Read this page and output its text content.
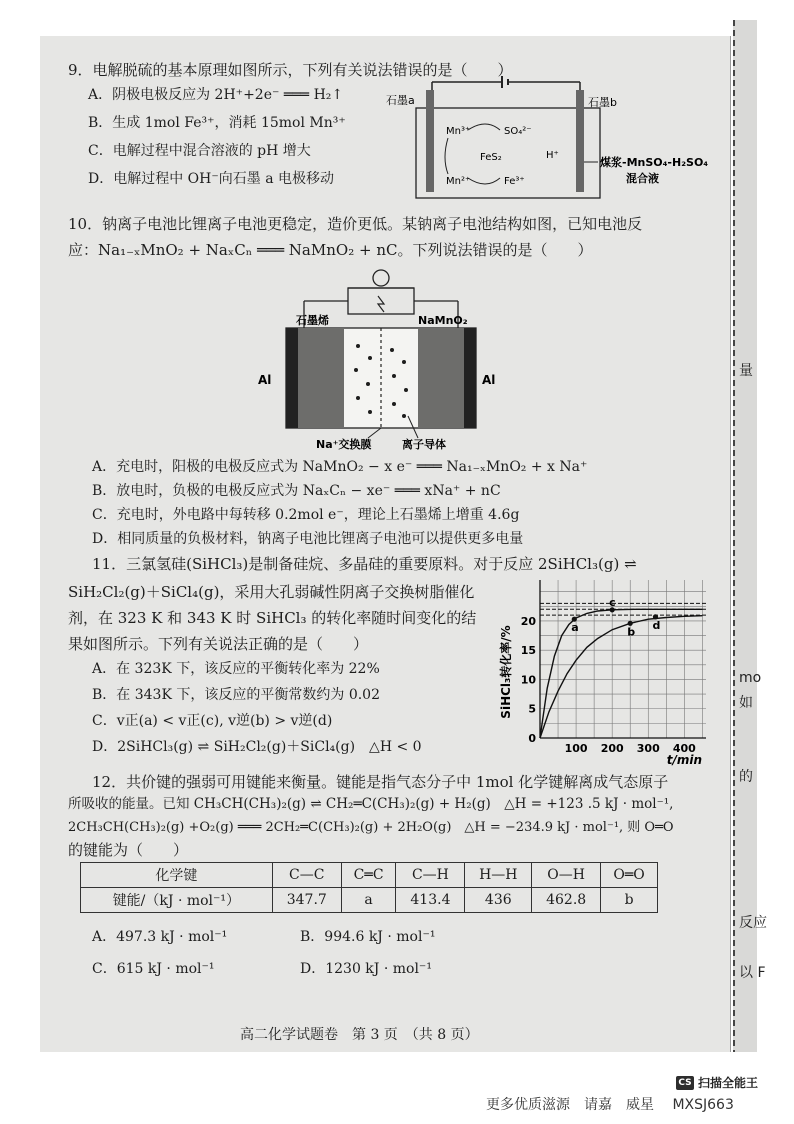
9．电解脱硫的基本原理如图所示，下列有关说法错误的是（　　）
A．阴极电极反应为 2H⁺+2e⁻ ═══ H₂↑
B．生成 1mol Fe³⁺，消耗 15mol Mn³⁺
C．电解过程中混合溶液的 pH 增大
D．电解过程中 OH⁻向石墨 a 电极移动
石墨a	石墨b
Mn³⁺
Mn²⁺
FeS₂
SO₄²⁻
Fe³⁺
H⁺
煤浆-MnSO₄-H₂SO₄
混合液
10．钠离子电池比锂离子电池更稳定，造价更低。某钠离子电池结构如图，已知电池反
应：Na₁₋ₓMnO₂ + NaₓCₙ ═══ NaMnO₂ + nC。下列说法错误的是（　　）
Al	Al
石墨烯	NaMnO₂
Na⁺交换膜	离子导体
A．充电时，阳极的电极反应式为 NaMnO₂ − x e⁻ ═══ Na₁₋ₓMnO₂ + x Na⁺
B．放电时，负极的电极反应式为 NaₓCₙ − xe⁻ ═══ xNa⁺ + nC
C．充电时，外电路中每转移 0.2mol e⁻，理论上石墨烯上增重 4.6g
D．相同质量的负极材料，钠离子电池比锂离子电池可以提供更多电量
11．三氯氢硅(SiHCl₃)是制备硅烷、多晶硅的重要原料。对于反应 2SiHCl₃(g) ⇌
SiH₂Cl₂(g)＋SiCl₄(g)，采用大孔弱碱性阴离子交换树脂催化
剂，在 323 K 和 343 K 时 SiHCl₃ 的转化率随时间变化的结
果如图所示。下列有关说法正确的是（　　）
A．在 323K 下，该反应的平衡转化率为 22%
B．在 343K 下，该反应的平衡常数约为 0.02
C．v正(a) < v正(c), v逆(b) > v逆(d)
D．2SiHCl₃(g) ⇌ SiH₂Cl₂(g)＋SiCl₄(g)　△H < 0	100 200 300 400
0
5
10
15
20	a	b
c
d
SiHCl₃转化率/%
t/min
12．共价键的强弱可用键能来衡量。键能是指气态分子中 1mol 化学键解离成气态原子
所吸收的能量。已知 CH₃CH(CH₃)₂(g) ⇌ CH₂═C(CH₃)₂(g) + H₂(g)　△H = +123 .5 kJ · mol⁻¹,
2CH₃CH(CH₃)₂(g) +O₂(g) ═══ 2CH₂═C(CH₃)₂(g) + 2H₂O(g)　△H = −234.9 kJ · mol⁻¹, 则 O═O
的键能为（　　）
化学键	C—C	C═C	C—H	H—H	O—H	O═O
键能/（kJ · mol⁻¹）	347.7	a	413.4	436	462.8	b
A．497.3 kJ · mol⁻¹	B．994.6 kJ · mol⁻¹
C．615 kJ · mol⁻¹	D．1230 kJ · mol⁻¹
高二化学试题卷　第 3 页　（共 8 页）
量
mo
如
的
反应
以 F
CS 扫描全能王
更多优质滋源　请嘉　威星 　MXSJ663
